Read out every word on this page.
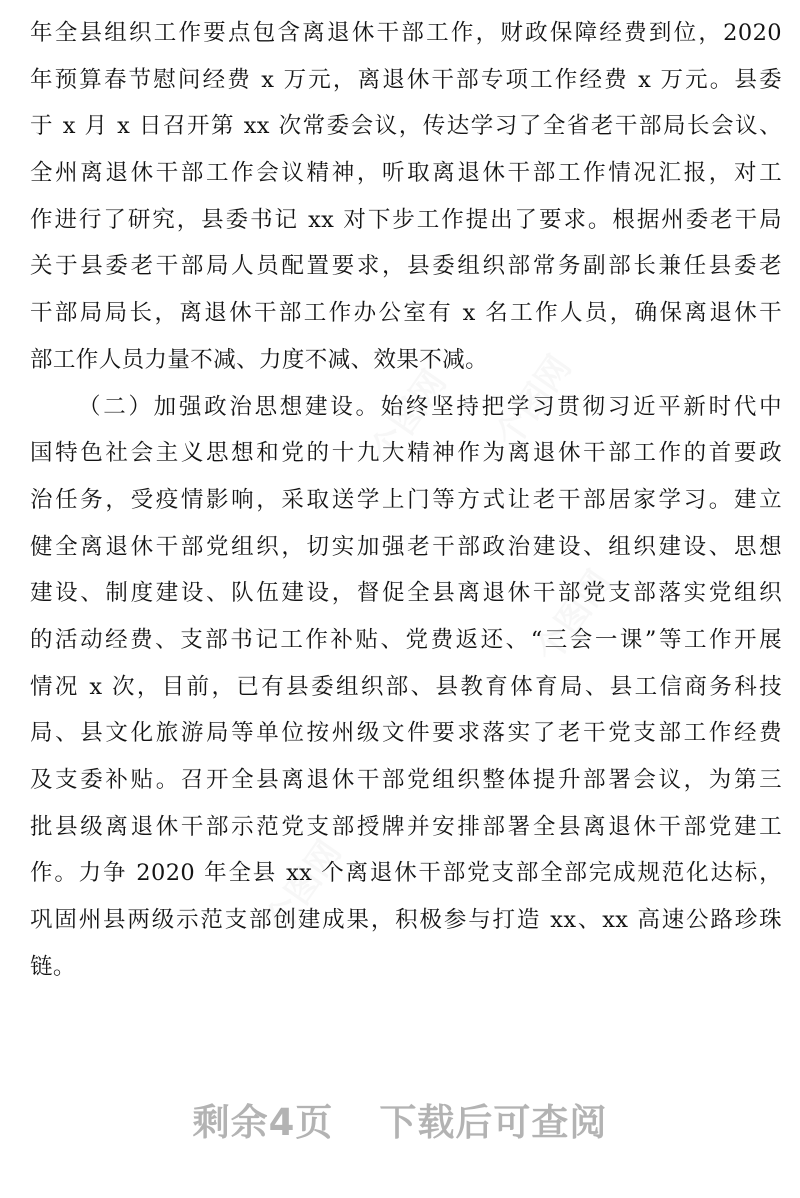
年全县组织工作要点包含离退休干部工作，财政保障经费到位，2020
年预算春节慰问经费 x 万元，离退休干部专项工作经费 x 万元。县委
于 x 月 x 日召开第 xx 次常委会议，传达学习了全省老干部局长会议、
全州离退休干部工作会议精神，听取离退休干部工作情况汇报，对工
作进行了研究，县委书记 xx 对下步工作提出了要求。根据州委老干局
关于县委老干部局人员配置要求，县委组织部常务副部长兼任县委老
干部局局长，离退休干部工作办公室有 x 名工作人员，确保离退休干
部工作人员力量不减、力度不减、效果不减。
（二）加强政治思想建设。始终坚持把学习贯彻习近平新时代中
国特色社会主义思想和党的十九大精神作为离退休干部工作的首要政
治任务，受疫情影响，采取送学上门等方式让老干部居家学习。建立
健全离退休干部党组织，切实加强老干部政治建设、组织建设、思想
建设、制度建设、队伍建设，督促全县离退休干部党支部落实党组织
的活动经费、支部书记工作补贴、党费返还、“三会一课”等工作开展
情况 x 次，目前，已有县委组织部、县教育体育局、县工信商务科技
局、县文化旅游局等单位按州级文件要求落实了老干党支部工作经费
及支委补贴。召开全县离退休干部党组织整体提升部署会议，为第三
批县级离退休干部示范党支部授牌并安排部署全县离退休干部党建工
作。力争 2020 年全县 xx 个离退休干部党支部全部完成规范化达标，
巩固州县两级示范支部创建成果，积极参与打造 xx、xx 高速公路珍珠
链。
剩余4页 下载后可查阅
